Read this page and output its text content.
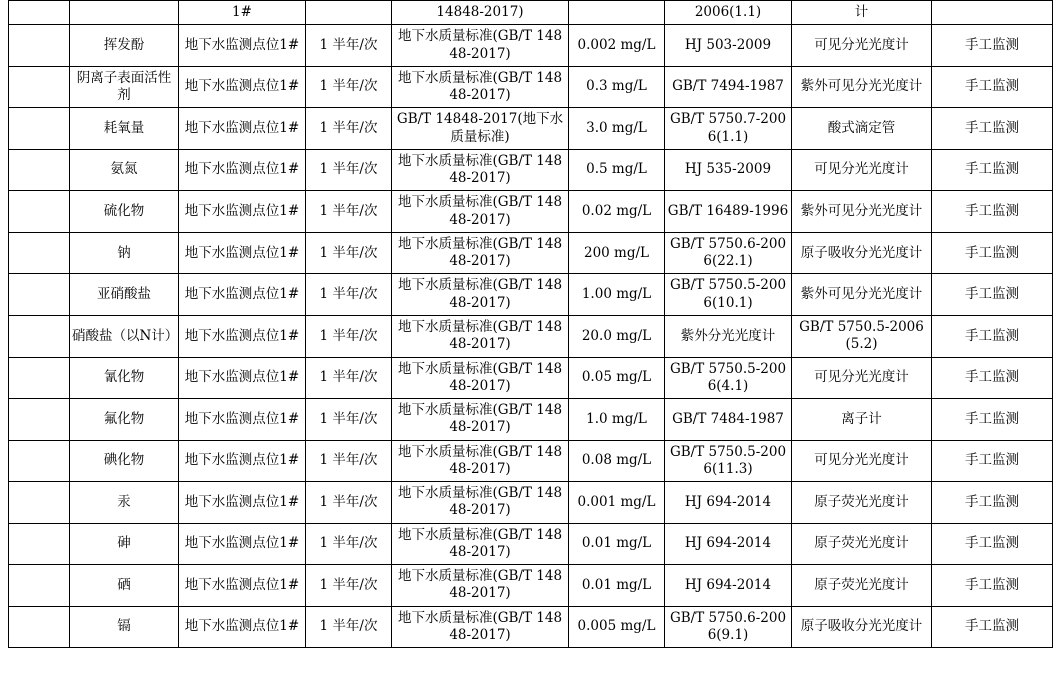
		1#		14848-2017)		2006(1.1)	计	
	挥发酚	地下水监测点位1#	1 半年/次	地下水质量标准(GB/T 14848-2017)	0.002 mg/L	HJ 503-2009	可见分光光度计	手工监测
	阴离子表面活性剂	地下水监测点位1#	1 半年/次	地下水质量标准(GB/T 14848-2017)	0.3 mg/L	GB/T 7494-1987	紫外可见分光光度计	手工监测
	耗氧量	地下水监测点位1#	1 半年/次	GB/T 14848-2017(地下水质量标准)	3.0 mg/L	GB/T 5750.7-2006(1.1)	酸式滴定管	手工监测
	氨氮	地下水监测点位1#	1 半年/次	地下水质量标准(GB/T 14848-2017)	0.5 mg/L	HJ 535-2009	可见分光光度计	手工监测
	硫化物	地下水监测点位1#	1 半年/次	地下水质量标准(GB/T 14848-2017)	0.02 mg/L	GB/T 16489-1996	紫外可见分光光度计	手工监测
	钠	地下水监测点位1#	1 半年/次	地下水质量标准(GB/T 14848-2017)	200 mg/L	GB/T 5750.6-2006(22.1)	原子吸收分光光度计	手工监测
	亚硝酸盐	地下水监测点位1#	1 半年/次	地下水质量标准(GB/T 14848-2017)	1.00 mg/L	GB/T 5750.5-2006(10.1)	紫外可见分光光度计	手工监测
	硝酸盐（以N计）	地下水监测点位1#	1 半年/次	地下水质量标准(GB/T 14848-2017)	20.0 mg/L	紫外分光光度计	GB/T 5750.5-2006(5.2)	手工监测
	氰化物	地下水监测点位1#	1 半年/次	地下水质量标准(GB/T 14848-2017)	0.05 mg/L	GB/T 5750.5-2006(4.1)	可见分光光度计	手工监测
	氟化物	地下水监测点位1#	1 半年/次	地下水质量标准(GB/T 14848-2017)	1.0 mg/L	GB/T 7484-1987	离子计	手工监测
	碘化物	地下水监测点位1#	1 半年/次	地下水质量标准(GB/T 14848-2017)	0.08 mg/L	GB/T 5750.5-2006(11.3)	可见分光光度计	手工监测
	汞	地下水监测点位1#	1 半年/次	地下水质量标准(GB/T 14848-2017)	0.001 mg/L	HJ 694-2014	原子荧光光度计	手工监测
	砷	地下水监测点位1#	1 半年/次	地下水质量标准(GB/T 14848-2017)	0.01 mg/L	HJ 694-2014	原子荧光光度计	手工监测
	硒	地下水监测点位1#	1 半年/次	地下水质量标准(GB/T 14848-2017)	0.01 mg/L	HJ 694-2014	原子荧光光度计	手工监测
	镉	地下水监测点位1#	1 半年/次	地下水质量标准(GB/T 14848-2017)	0.005 mg/L	GB/T 5750.6-2006(9.1)	原子吸收分光光度计	手工监测
